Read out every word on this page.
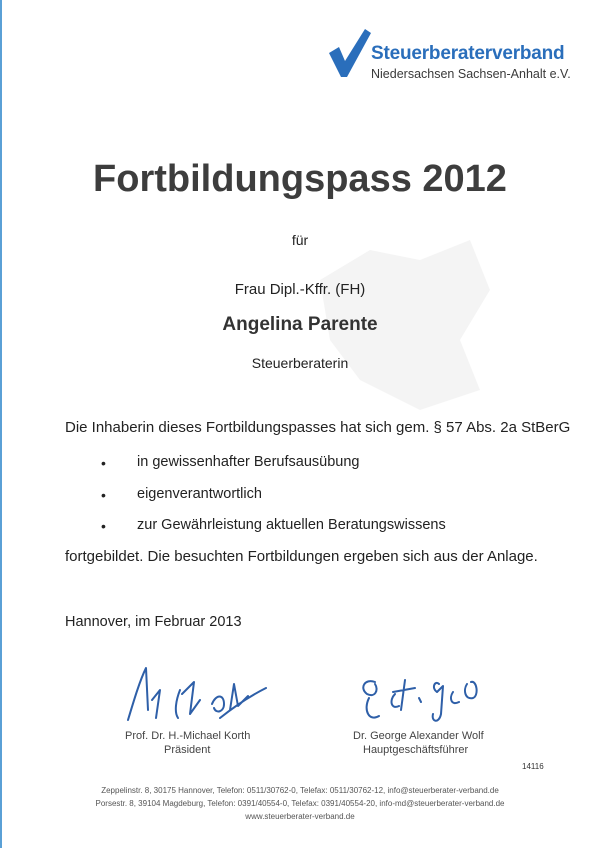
Steuerberaterverband
Niedersachsen Sachsen-Anhalt e.V.
Fortbildungspass 2012
für
Frau Dipl.-Kffr. (FH)
Angelina Parente
Steuerberaterin
Die Inhaberin dieses Fortbildungspasses hat sich gem. § 57 Abs. 2a StBerG
• in gewissenhafter Berufsausübung
• eigenverantwortlich
• zur Gewährleistung aktuellen Beratungswissens
fortgebildet. Die besuchten Fortbildungen ergeben sich aus der Anlage.
Hannover, im Februar 2013
Prof. Dr. H.-Michael Korth
Präsident
Dr. George Alexander Wolf
Hauptgeschäftsführer
14116
Zeppelinstr. 8, 30175 Hannover, Telefon: 0511/30762-0, Telefax: 0511/30762-12, info@steuerberater-verband.de
Porsestr. 8, 39104 Magdeburg, Telefon: 0391/40554-0, Telefax: 0391/40554-20, info-md@steuerberater-verband.de
www.steuerberater-verband.de
